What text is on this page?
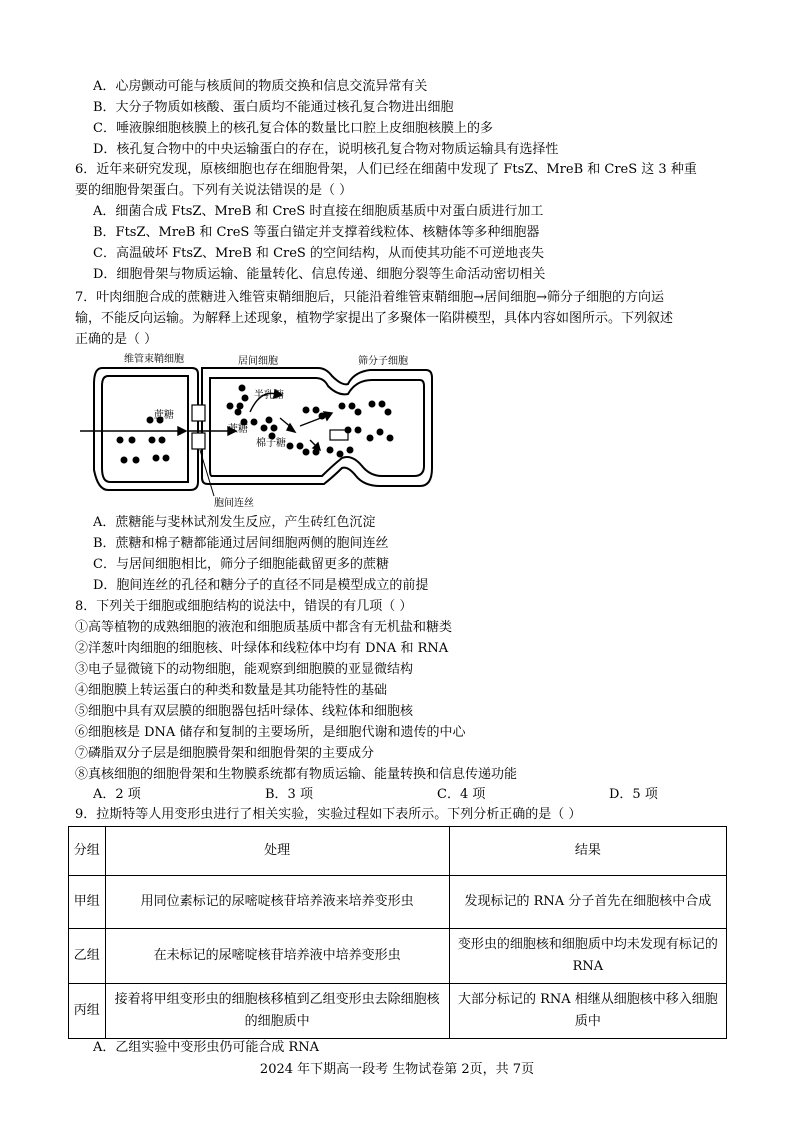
A．心房颤动可能与核质间的物质交换和信息交流异常有关
B．大分子物质如核酸、蛋白质均不能通过核孔复合物进出细胞
C．唾液腺细胞核膜上的核孔复合体的数量比口腔上皮细胞核膜上的多
D．核孔复合物中的中央运输蛋白的存在，说明核孔复合物对物质运输具有选择性
6．近年来研究发现，原核细胞也存在细胞骨架，人们已经在细菌中发现了 FtsZ、MreB 和 CreS 这 3 种重
要的细胞骨架蛋白。下列有关说法错误的是（ ）
A．细菌合成 FtsZ、MreB 和 CreS 时直接在细胞质基质中对蛋白质进行加工
B．FtsZ、MreB 和 CreS 等蛋白锚定并支撑着线粒体、核糖体等多种细胞器
C．高温破坏 FtsZ、MreB 和 CreS 的空间结构，从而使其功能不可逆地丧失
D．细胞骨架与物质运输、能量转化、信息传递、细胞分裂等生命活动密切相关
7．叶肉细胞合成的蔗糖进入维管束鞘细胞后，只能沿着维管束鞘细胞→居间细胞→筛分子细胞的方向运
输，不能反向运输。为解释上述现象，植物学家提出了多聚体一陷阱模型，具体内容如图所示。下列叙述
正确的是（ ）
维管束鞘细胞	居间细胞	筛分子细胞
蔗糖
蔗糖
半乳糖
棉子糖
胞间连丝
A．蔗糖能与斐林试剂发生反应，产生砖红色沉淀
B．蔗糖和棉子糖都能通过居间细胞两侧的胞间连丝
C．与居间细胞相比，筛分子细胞能截留更多的蔗糖
D．胞间连丝的孔径和糖分子的直径不同是模型成立的前提
8．下列关于细胞或细胞结构的说法中，错误的有几项（ ）
①高等植物的成熟细胞的液泡和细胞质基质中都含有无机盐和糖类
②洋葱叶肉细胞的细胞核、叶绿体和线粒体中均有 DNA 和 RNA
③电子显微镜下的动物细胞，能观察到细胞膜的亚显微结构
④细胞膜上转运蛋白的种类和数量是其功能特性的基础
⑤细胞中具有双层膜的细胞器包括叶绿体、线粒体和细胞核
⑥细胞核是 DNA 储存和复制的主要场所，是细胞代谢和遗传的中心
⑦磷脂双分子层是细胞膜骨架和细胞骨架的主要成分
⑧真核细胞的细胞骨架和生物膜系统都有物质运输、能量转换和信息传递功能
A．2 项	B．3 项	C．4 项	D．5 项
9．拉斯特等人用变形虫进行了相关实验，实验过程如下表所示。下列分析正确的是（ ）
分组	处理	结果
甲组	用同位素标记的尿嘧啶核苷培养液来培养变形虫	发现标记的 RNA 分子首先在细胞核中合成
乙组	在未标记的尿嘧啶核苷培养液中培养变形虫	变形虫的细胞核和细胞质中均未发现有标记的 RNA
丙组	接着将甲组变形虫的细胞核移植到乙组变形虫去除细胞核的细胞质中	大部分标记的 RNA 相继从细胞核中移入细胞质中
A．乙组实验中变形虫仍可能合成 RNA
2024 年下期高一段考 生物试卷第 2页，共 7页
